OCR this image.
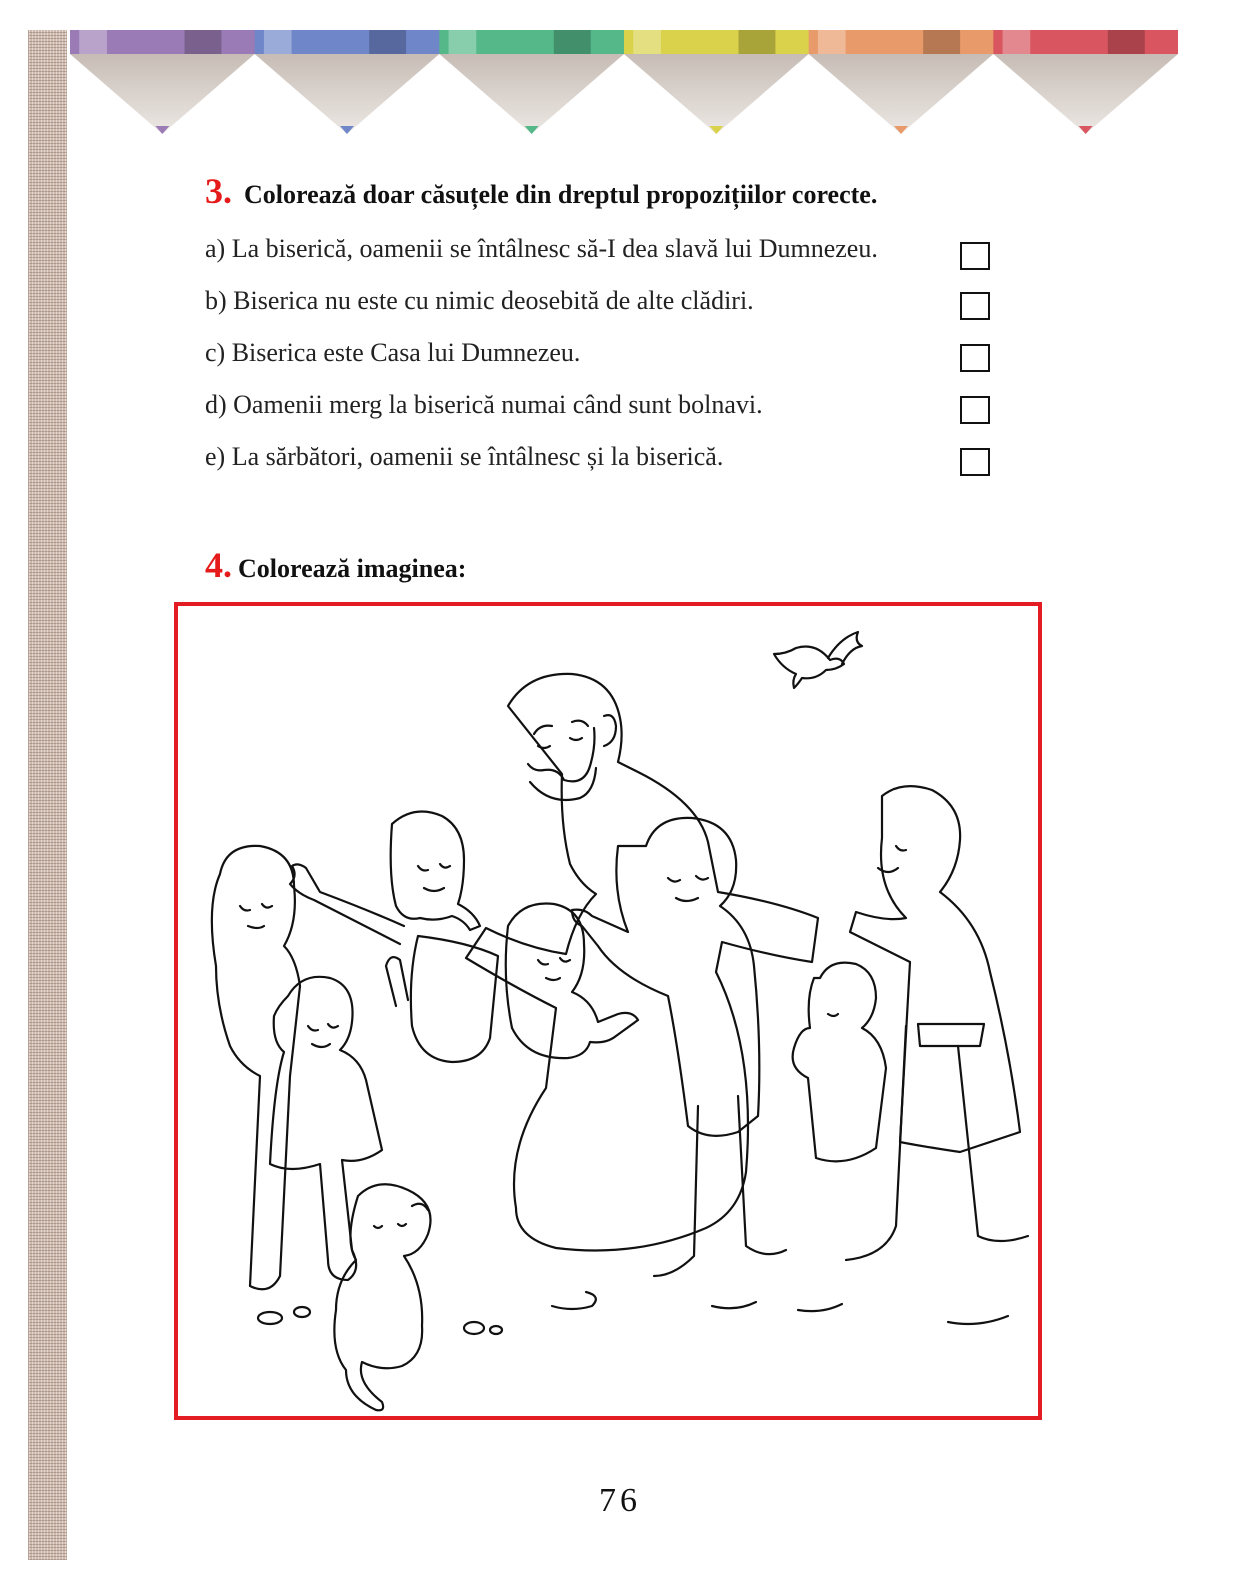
3. Colorează doar căsuțele din dreptul propozițiilor corecte.
a) La biserică, oamenii se întâlnesc să-I dea slavă lui Dumnezeu.
b) Biserica nu este cu nimic deosebită de alte clădiri.
c) Biserica este Casa lui Dumnezeu.
d) Oamenii merg la biserică numai când sunt bolnavi.
e) La sărbători, oamenii se întâlnesc și la biserică.
4. Colorează imaginea:
76
